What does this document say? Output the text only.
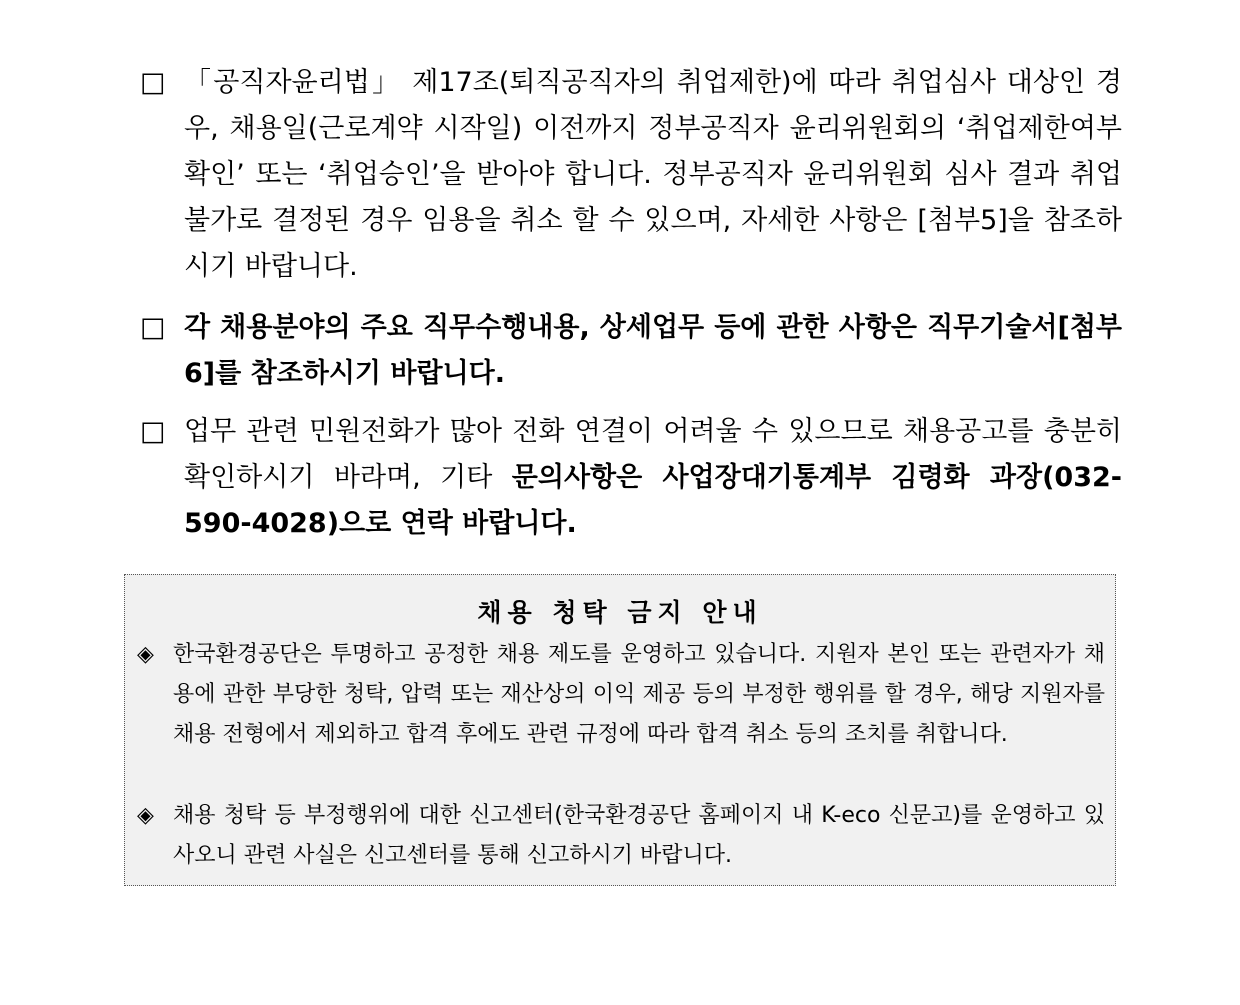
□ 「공직자윤리법」 제17조(퇴직공직자의 취업제한)에 따라 취업심사 대상인 경우, 채용일(근로계약 시작일) 이전까지 정부공직자 윤리위원회의 ‘취업제한여부 확인’ 또는 ‘취업승인’을 받아야 합니다. 정부공직자 윤리위원회 심사 결과 취업불가로 결정된 경우 임용을 취소 할 수 있으며, 자세한 사항은 [첨부5]을 참조하시기 바랍니다.
□ 각 채용분야의 주요 직무수행내용, 상세업무 등에 관한 사항은 직무기술서[첨부6]를 참조하시기 바랍니다.
□ 업무 관련 민원전화가 많아 전화 연결이 어려울 수 있으므로 채용공고를 충분히 확인하시기 바라며, 기타 문의사항은 사업장대기통계부 김령화 과장(032-590-4028)으로 연락 바랍니다.
채용 청탁 금지 안내
◈ 한국환경공단은 투명하고 공정한 채용 제도를 운영하고 있습니다. 지원자 본인 또는 관련자가 채용에 관한 부당한 청탁, 압력 또는 재산상의 이익 제공 등의 부정한 행위를 할 경우, 해당 지원자를 채용 전형에서 제외하고 합격 후에도 관련 규정에 따라 합격 취소 등의 조치를 취합니다.
◈ 채용 청탁 등 부정행위에 대한 신고센터(한국환경공단 홈페이지 내 K-eco 신문고)를 운영하고 있사오니 관련 사실은 신고센터를 통해 신고하시기 바랍니다.
